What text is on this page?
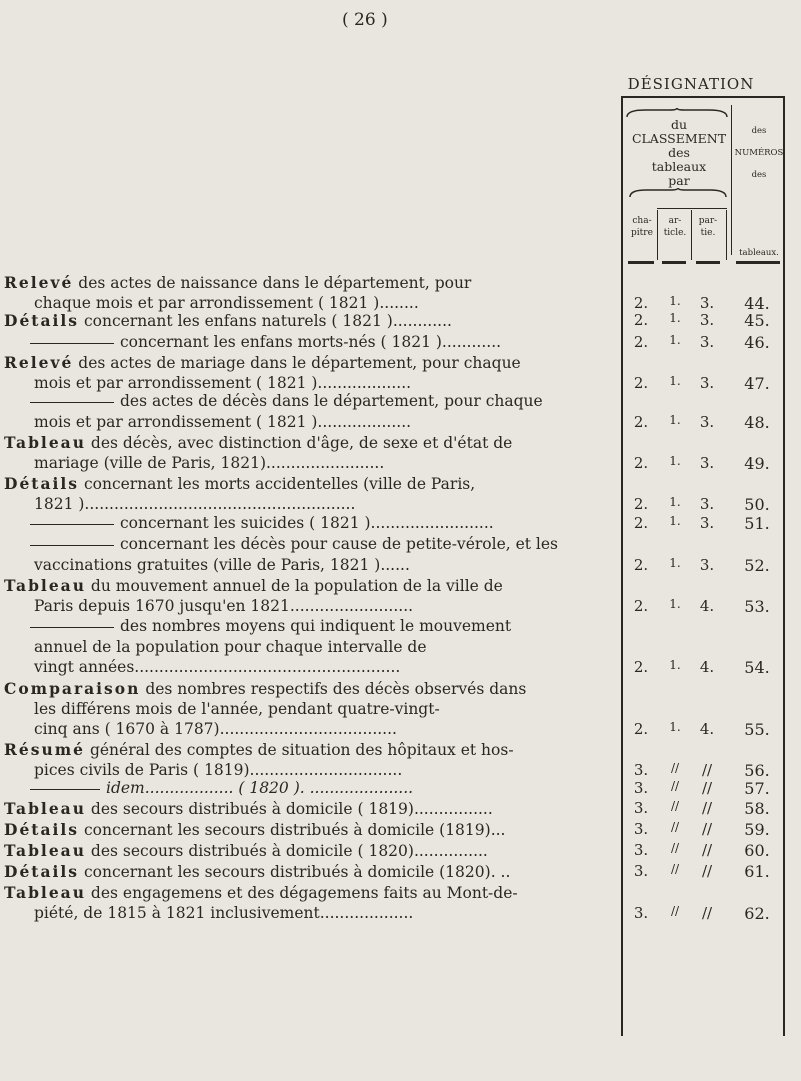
( 26 )
DÉSIGNATION
du
CLASSEMENT
des
tableaux
par
cha-
pitre
ar-
ticle.
par-
tie.
des
NUMÉROS
des
tableaux.
Relevé des actes de naissance dans le département, pour
chaque mois et par arrondissement ( 1821 )........	2.	1.	3.	44.
Détails concernant les enfans naturels ( 1821 )............	2.	1.	3.	45.
concernant les enfans morts-nés ( 1821 )............	2.	1.	3.	46.
Relevé des actes de mariage dans le département, pour chaque
mois et par arrondissement ( 1821 )...................	2.	1.	3.	47.
des actes de décès dans le département, pour chaque
mois et par arrondissement ( 1821 )...................	2.	1.	3.	48.
Tableau des décès, avec distinction d'âge, de sexe et d'état de
mariage (ville de Paris, 1821)........................	2.	1.	3.	49.
Détails concernant les morts accidentelles (ville de Paris,
1821 ).......................................................	2.	1.	3.	50.
concernant les suicides ( 1821 ).........................	2.	1.	3.	51.
concernant les décès pour cause de petite-vérole, et les
vaccinations gratuites (ville de Paris, 1821 )......	2.	1.	3.	52.
Tableau du mouvement annuel de la population de la ville de
Paris depuis 1670 jusqu'en 1821.........................	2.	1.	4.	53.
des nombres moyens qui indiquent le mouvement
annuel de la population pour chaque intervalle de
vingt années......................................................	2.	1.	4.	54.
Comparaison des nombres respectifs des décès observés dans
les différens mois de l'année, pendant quatre-vingt-
cinq ans ( 1670 à 1787)....................................	2.	1.	4.	55.
Résumé général des comptes de situation des hôpitaux et hos-
pices civils de Paris ( 1819)...............................	3.	//	//	56.
idem.................. ( 1820 ). .....................	3.	//	//	57.
Tableau des secours distribués à domicile ( 1819)................	3.	//	//	58.
Détails concernant les secours distribués à domicile (1819)...	3.	//	//	59.
Tableau des secours distribués à domicile ( 1820)...............	3.	//	//	60.
Détails concernant les secours distribués à domicile (1820). ..	3.	//	//	61.
Tableau des engagemens et des dégagemens faits au Mont-de-
piété, de 1815 à 1821 inclusivement...................	3.	//	//	62.
